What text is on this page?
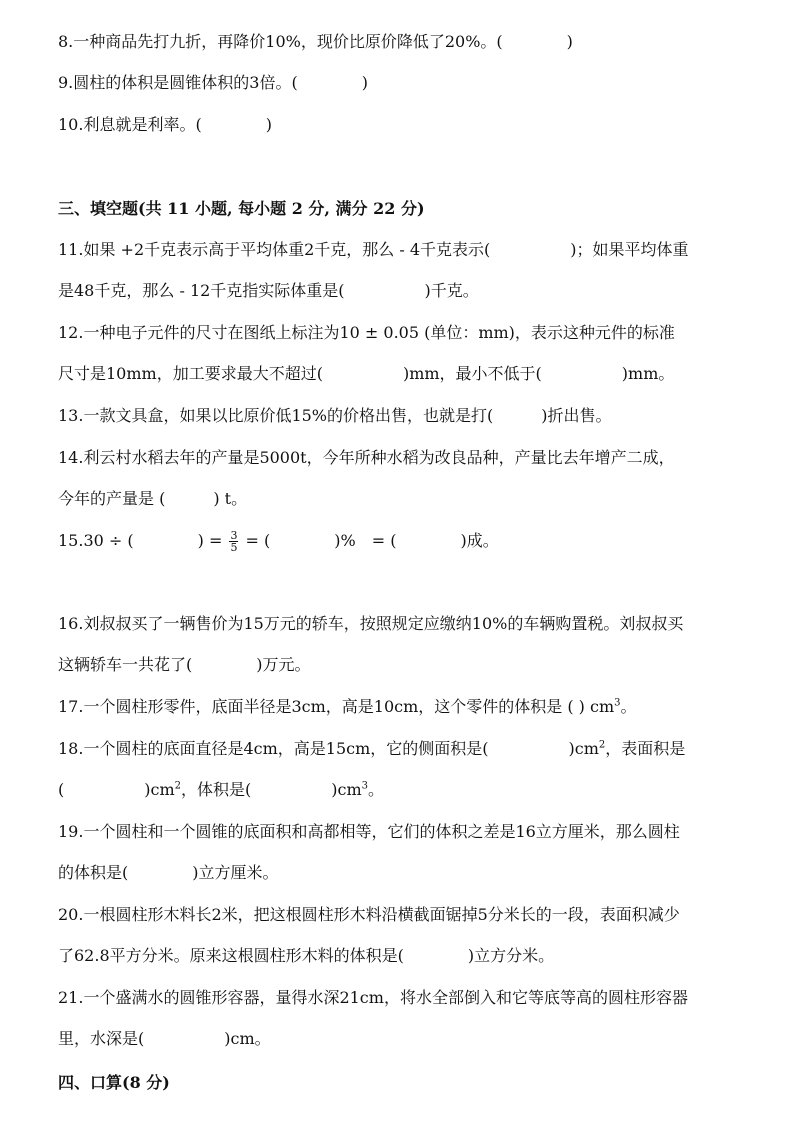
8.一种商品先打九折，再降价10%，现价比原价降低了20%。(　　　　)
9.圆柱的体积是圆锥体积的3倍。(　　　　)
10.利息就是利率。(　　　　)
三、填空题(共 11 小题, 每小题 2 分, 满分 22 分)
11.如果 +2千克表示高于平均体重2千克，那么 - 4千克表示(　　　　　)；如果平均体重
是48千克，那么 - 12千克指实际体重是(　　　　　)千克。
12.一种电子元件的尺寸在图纸上标注为10 ± 0.05 (单位：mm)，表示这种元件的标准
尺寸是10mm，加工要求最大不超过(　　　　　)mm，最小不低于(　　　　　)mm。
13.一款文具盒，如果以比原价低15%的价格出售，也就是打(　　　)折出售。
14.利云村水稻去年的产量是5000t，今年所种水稻为改良品种，产量比去年增产二成，
今年的产量是 (　　　) t。
15.30 ÷ (　　　　) = $\frac{3}{5}$ = (　　　　)%　= (　　　　)成。
16.刘叔叔买了一辆售价为15万元的轿车，按照规定应缴纳10%的车辆购置税。刘叔叔买
这辆轿车一共花了(　　　　)万元。
17.一个圆柱形零件，底面半径是3cm，高是10cm，这个零件的体积是 ( ) $cm^3$。
18.一个圆柱的底面直径是4cm，高是15cm，它的侧面积是(　　　　　)$cm^2$，表面积是
(　　　　　)$cm^2$，体积是(　　　　　)$cm^3$。
19.一个圆柱和一个圆锥的底面积和高都相等，它们的体积之差是16立方厘米，那么圆柱
的体积是(　　　　)立方厘米。
20.一根圆柱形木料长2米，把这根圆柱形木料沿横截面锯掉5分米长的一段，表面积减少
了62.8平方分米。原来这根圆柱形木料的体积是(　　　　)立方分米。
21.一个盛满水的圆锥形容器，量得水深21cm，将水全部倒入和它等底等高的圆柱形容器
里，水深是(　　　　　)cm。
四、口算(8 分)
